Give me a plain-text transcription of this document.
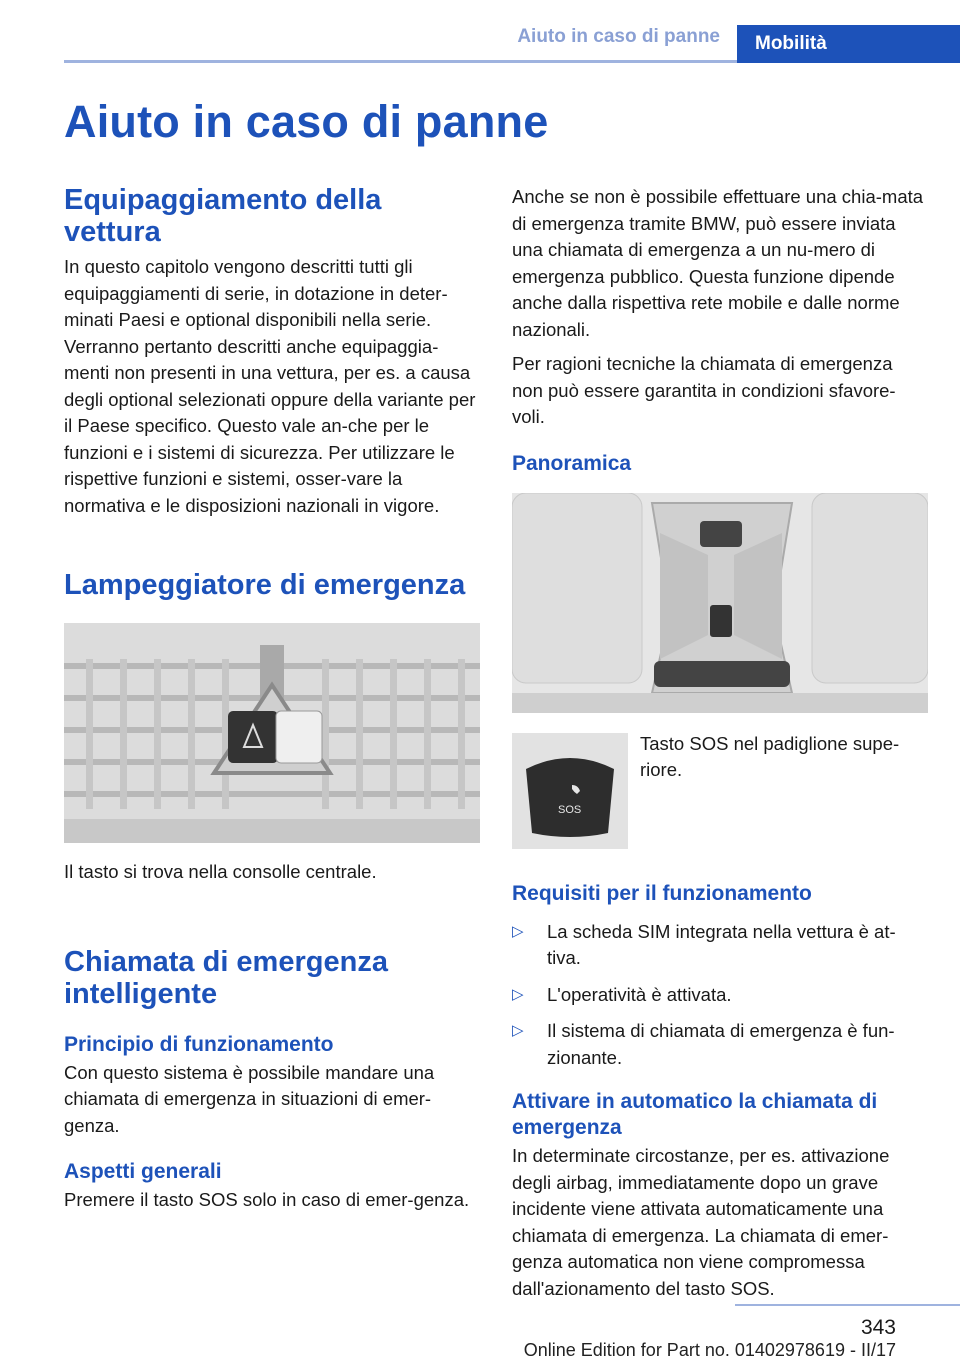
Aiuto in caso di panne	Mobilità
Aiuto in caso di panne
Equipaggiamento della vettura

In questo capitolo vengono descritti tutti gli equipaggiamenti di serie, in dotazione in deter‐minati Paesi e optional disponibili nella serie. Verranno pertanto descritti anche equipaggia‐menti non presenti in una vettura, per es. a causa degli optional selezionati oppure della variante per il Paese specifico. Questo vale an‐che per le funzioni e i sistemi di sicurezza. Per utilizzare le rispettive funzioni e sistemi, osser‐vare la normativa e le disposizioni nazionali in vigore.

Lampeggiatore di emergenza

Il tasto si trova nella consolle centrale.

Chiamata di emergenza intelligente
Principio di funzionamento

Con questo sistema è possibile mandare una chiamata di emergenza in situazioni di emer‐genza.

Aspetti generali

Premere il tasto SOS solo in caso di emer‐genza.

Anche se non è possibile effettuare una chia‐mata di emergenza tramite BMW, può essere inviata una chiamata di emergenza a un nu‐mero di emergenza pubblico. Questa funzione dipende anche dalla rispettiva rete mobile e dalle norme nazionali.

Per ragioni tecniche la chiamata di emergenza non può essere garantita in condizioni sfavore‐voli.

Panoramica
SOS

Tasto SOS nel padiglione supe‐riore.

Requisiti per il funzionamento
▷ La scheda SIM integrata nella vettura è at‐tiva.
▷ L'operatività è attivata.
▷ Il sistema di chiamata di emergenza è fun‐zionante.
Attivare in automatico la chiamata di emergenza

In determinate circostanze, per es. attivazione degli airbag, immediatamente dopo un grave incidente viene attivata automaticamente una chiamata di emergenza. La chiamata di emer‐genza automatica non viene compromessa dall'azionamento del tasto SOS.

343
Online Edition for Part no. 01402978619 - II/17
